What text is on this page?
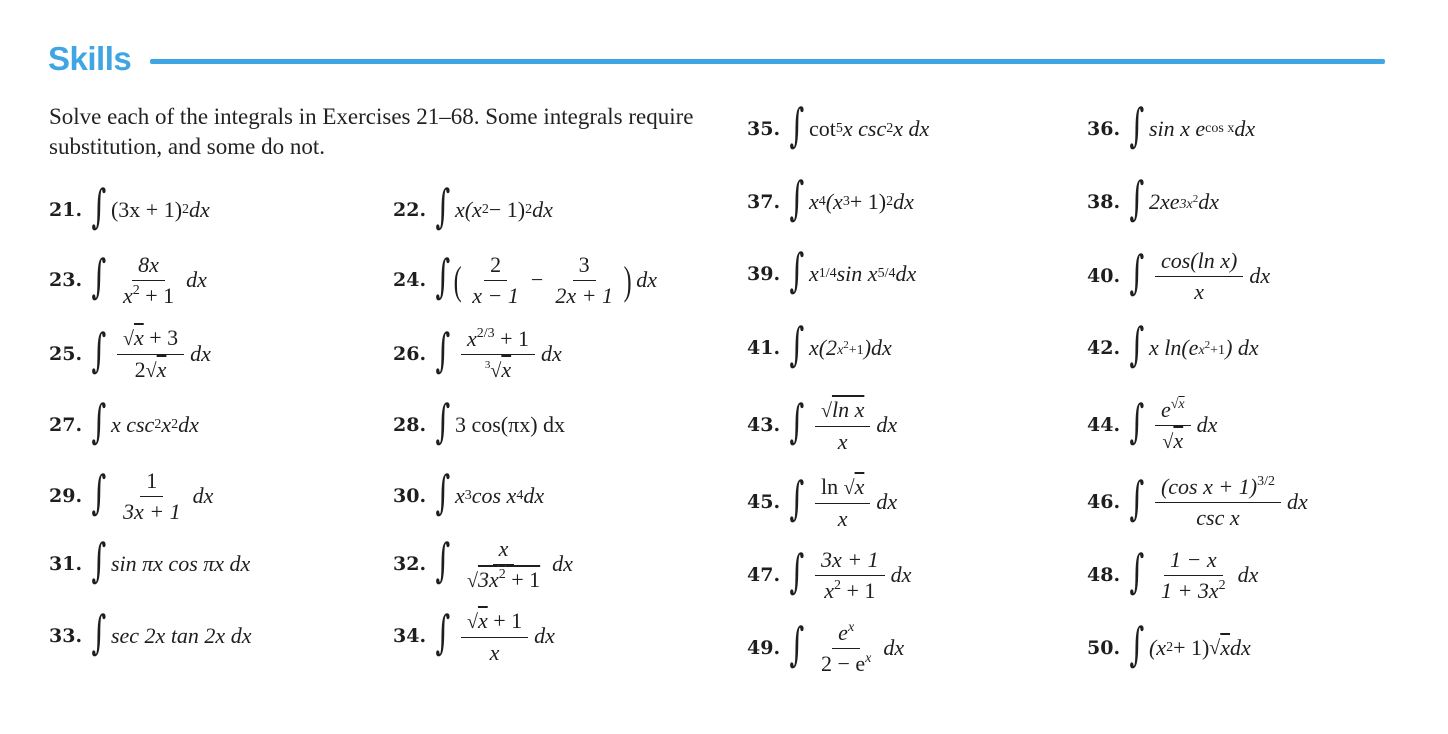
Skills
Solve each of the integrals in Exercises 21–68. Some integrals require substitution, and some do not.
21. ∫ (3x + 1) 2 dx	22. ∫ x(x 2 − 1) 2 dx
23. ∫ $\frac{8x}{x^2 + 1}$ dx	24. ∫ ( $\frac{2}{x - 1} - \frac{3}{2x + 1}$ ) dx
25. ∫ $\frac{√x + 3}{2√x}$ dx	26. ∫ $\frac{x^{2/3} + 1}{^3√x}$ dx
27. ∫ x csc 2 x 2 dx	28. ∫ 3 cos(πx) dx
29. ∫ $\frac{1}{3x + 1}$ dx	30. ∫ x 3 cos x 4 dx
31. ∫ sin πx cos πx dx	32. ∫ $\frac{x}{√3x^2 + 1}$ dx
33. ∫ sec 2x tan 2x dx	34. ∫ $\frac{√x + 1}{x}$ dx
35. ∫ cot 5 x csc 2 x dx	36. ∫ sin x e cos x dx
37. ∫ x 4 (x 3 + 1) 2 dx	38. ∫ 2xe $3x^2$ dx
39. ∫ x 1/4 sin x 5/4 dx	40. ∫ $\frac{\text{cos(ln x)}}{x}$ dx
41. ∫ x(2 $x^2+1$ )dx	42. ∫ x ln(e $x^2+1$ ) dx
43. ∫ $\frac{\text{√ln x}}{x}$ dx	44. ∫ $\frac{e^{√x}}{√x}$ dx
45. ∫ $\frac{\ln √x}{x}$ dx	46. ∫ $\frac{(\cos x + 1)^{3/2}}{\text{csc x}}$ dx
47. ∫ $\frac{3x + 1}{x^2 + 1}$ dx	48. ∫ $\frac{1 - x}{1 + 3x^2}$ dx
49. ∫ $\frac{e^x}{2 - e^x}$ dx	50. ∫ (x 2 + 1) √ x dx
